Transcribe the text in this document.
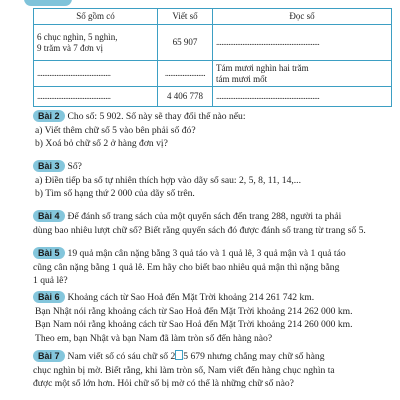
Số gồm có	Viết số	Đọc số

6 chục nghìn, 5 nghìn,
9 trăm và 7 đơn vị	65 907	...........................................................
..........................................	.......................	Tám mươi nghìn hai trăm
tám mươi mốt

..........................................	4 406 778	...........................................................
Bài 2 Cho số: 5 902. Số này sẽ thay đổi thế nào nếu:
a) Viết thêm chữ số 5 vào bên phải số đó?
b) Xoá bỏ chữ số 2 ở hàng đơn vị?
Bài 3 Số?
a) Điền tiếp ba số tự nhiên thích hợp vào dãy số sau: 2, 5, 8, 11, 14,...
b) Tìm số hạng thứ 2 000 của dãy số trên.
Bài 4 Để đánh số trang sách của một quyển sách đến trang 288, người ta phải
dùng bao nhiêu lượt chữ số? Biết rằng quyển sách đó được đánh số trang từ trang số 5.
Bài 5 19 quả mận cân nặng bằng 3 quả táo và 1 quả lê, 3 quả mận và 1 quả táo
cũng cân nặng bằng 1 quả lê. Em hãy cho biết bao nhiêu quả mận thì nặng bằng
1 quả lê?
Bài 6 Khoảng cách từ Sao Hoả đến Mặt Trời khoảng 214 261 742 km.
Bạn Nhật nói rằng khoảng cách từ Sao Hoả đến Mặt Trời khoảng 214 262 000 km.
Bạn Nam nói rằng khoảng cách từ Sao Hoả đến Mặt Trời khoảng 214 260 000 km.
Theo em, bạn Nhật và bạn Nam đã làm tròn số đến hàng nào?
Bài 7 Nam viết số có sáu chữ số 2 5 679 nhưng chẳng may chữ số hàng
chục nghìn bị mờ. Biết rằng, khi làm tròn số, Nam viết đến hàng chục nghìn ta
được một số lớn hơn. Hỏi chữ số bị mờ có thể là những chữ số nào?
